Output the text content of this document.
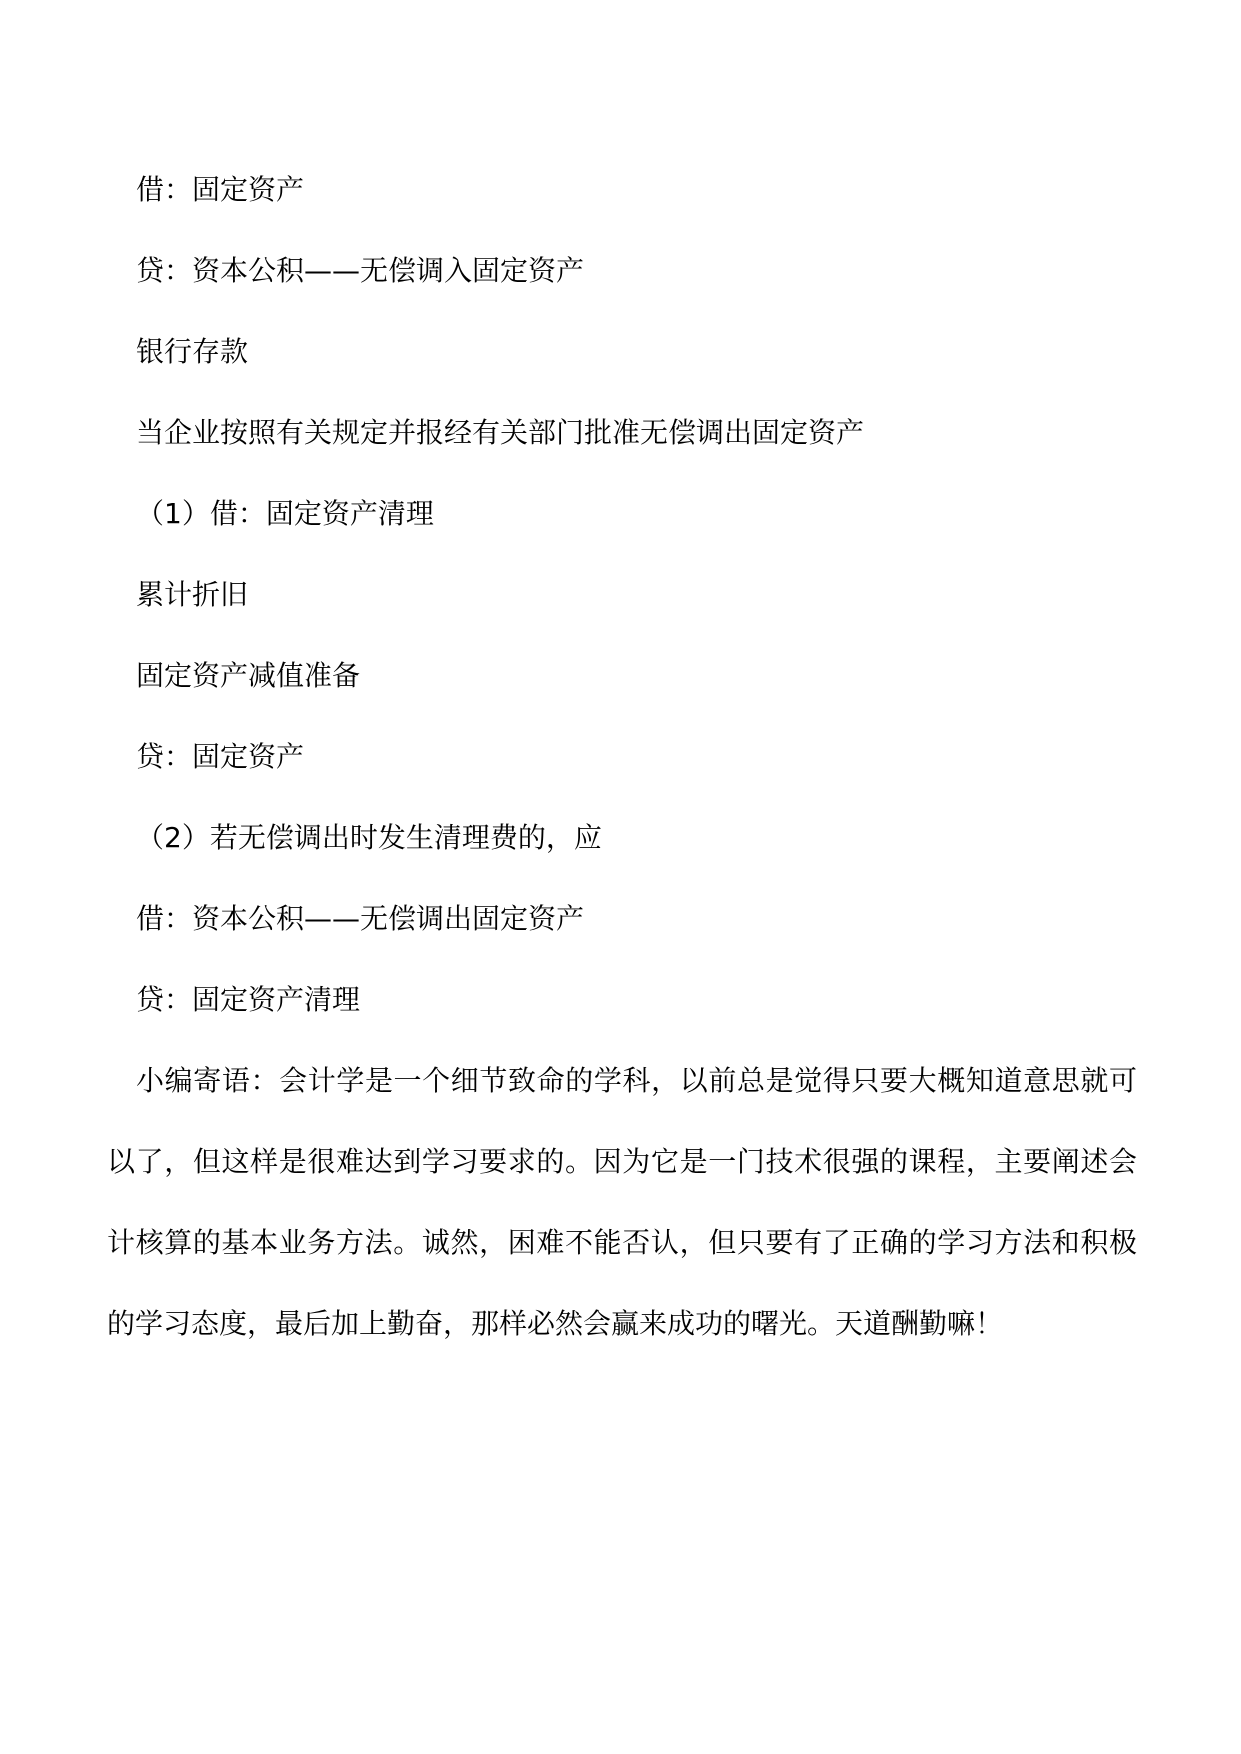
借：固定资产

贷：资本公积——无偿调入固定资产

银行存款

当企业按照有关规定并报经有关部门批准无偿调出固定资产

（1）借：固定资产清理

累计折旧

固定资产减值准备

贷：固定资产

（2）若无偿调出时发生清理费的，应

借：资本公积——无偿调出固定资产

贷：固定资产清理

小编寄语：会计学是一个细节致命的学科，以前总是觉得只要大概知道意思就可以了，但这样是很难达到学习要求的。因为它是一门技术很强的课程，主要阐述会计核算的基本业务方法。诚然，困难不能否认，但只要有了正确的学习方法和积极的学习态度，最后加上勤奋，那样必然会赢来成功的曙光。天道酬勤嘛！
